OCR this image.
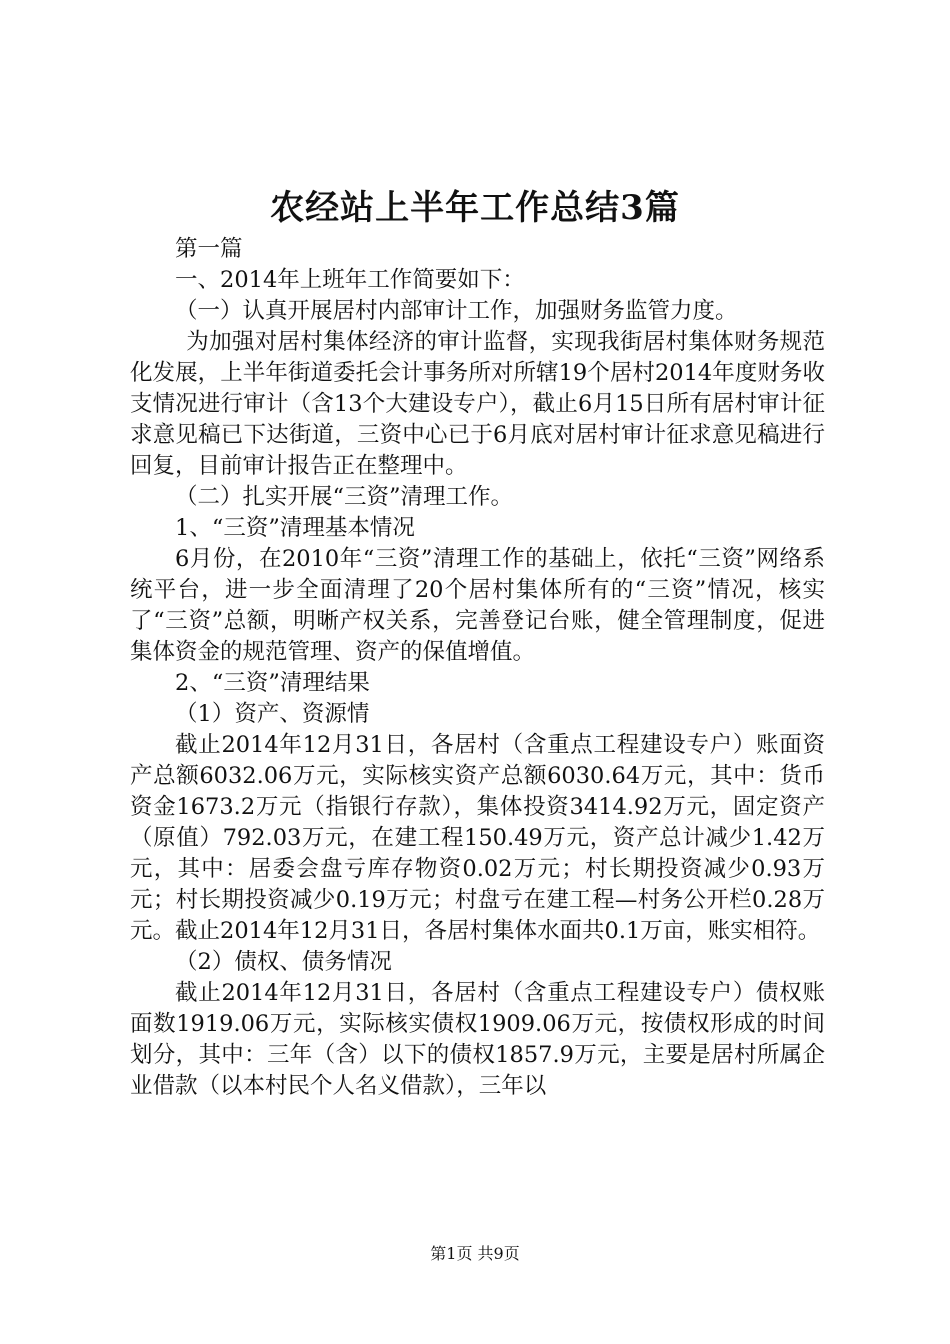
农经站上半年工作总结3篇

第一篇

一、2014年上班年工作简要如下：

（一）认真开展居村内部审计工作，加强财务监管力度。

为加强对居村集体经济的审计监督，实现我街居村集体财务规范化发展，上半年街道委托会计事务所对所辖19个居村2014年度财务收支情况进行审计（含13个大建设专户），截止6月15日所有居村审计征求意见稿已下达街道，三资中心已于6月底对居村审计征求意见稿进行回复，目前审计报告正在整理中。

（二）扎实开展“三资”清理工作。

1、“三资”清理基本情况

6月份，在2010年“三资”清理工作的基础上，依托“三资”网络系统平台，进一步全面清理了20个居村集体所有的“三资”情况，核实了“三资”总额，明晰产权关系，完善登记台账，健全管理制度，促进集体资金的规范管理、资产的保值增值。

2、“三资”清理结果

（1）资产、资源情

截止2014年12月31日，各居村（含重点工程建设专户）账面资产总额6032.06万元，实际核实资产总额6030.64万元，其中：货币资金1673.2万元（指银行存款），集体投资3414.92万元，固定资产（原值）792.03万元，在建工程150.49万元，资产总计减少1.42万元，其中：居委会盘亏库存物资0.02万元；村长期投资减少0.93万元；村长期投资减少0.19万元；村盘亏在建工程—村务公开栏0.28万元。截止2014年12月31日，各居村集体水面共0.1万亩，账实相符。

（2）债权、债务情况

截止2014年12月31日，各居村（含重点工程建设专户）债权账面数1919.06万元，实际核实债权1909.06万元，按债权形成的时间划分，其中：三年（含）以下的债权1857.9万元，主要是居村所属企业借款（以本村民个人名义借款），三年以

第1页 共9页
